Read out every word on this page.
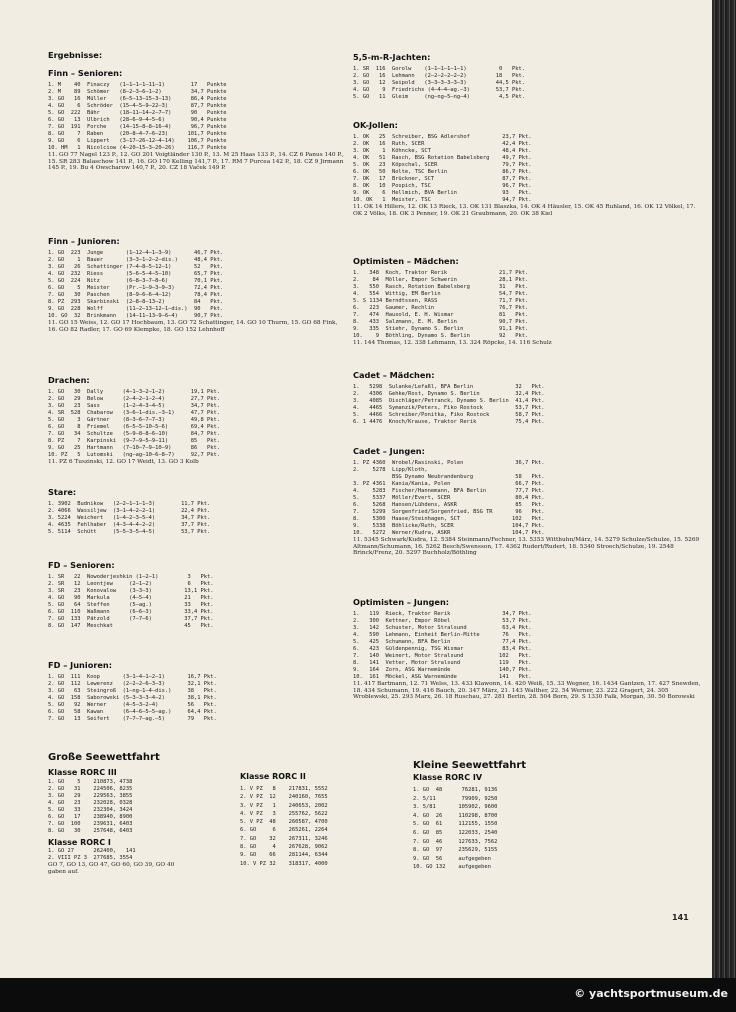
Ergebnisse:

Finn – Senioren:

1. M    40  Finaczy   (1—1—1—1—11—1)        17   Punkte
2. M    89  Schömer   (8—2—3—6—1—2)         34,7 Punkte
3. GO   16  Müller    (6—5—13—15—3—13)      86,4 Punkte
4. GO    6  Schröder  (15—4—5—9—22—3)       87,7 Punkte
5. GO  222  Bähr      (18—11—14—2—7—7)      90   Punkte
6. GO   13  Ulbrich   (28—6—9—4—5—6)        90,4 Punkte
7. GO  191  Forche    (14—15—8—8—16—4)      96,7 Punkte
8. GO    7  Raben     (20—8—4—7—6—23)      101,7 Punkte
9. GO    6  Lippert   (3—17—26—12—4—14)    106,7 Punkte
10. HM   1  Nicolciow (4—20—15—3—20—26)    116,7 Punkte

11. GO 77 Nagel 123 P., 12. GO 201 Voigtländer 130 P., 13. M 25 Haas 133 P., 14. CZ 6 Panus 140 P., 15. SR 283 Balaschow 141 P., 16. GO 170 Kelling 141,7 P., 17. RM 7 Purcea 142 P., 18. CZ 9 Jirmann 145 P., 19. Bu 4 Owscharow 140,7 P., 20. CZ 18 Vaček 149 P.

Finn – Junioren:

1. GO  223  Junge       (1—12—4—1—3—9)       46,7 Pkt.
2. GO    1  Bauer       (3—3—1—2—2—dis.)     48,4 Pkt.
3. GO   26  Schattinger (7—4—8—5—12—1)       52   Pkt.
4. GO  232  Riess       (5—6—5—4—5—10)       65,7 Pkt.
5. GO  224  Nitz        (6—8—3—7—8—6)        70,1 Pkt.
6. GO    5  Meister     (Pr.—1—9—3—9—3)      72,4 Pkt.
7. GO   30  Paschen     (8—9—6—6—4—12)       78,4 Pkt.
8. PZ  293  Skarbinski  (2—8—8—13—2)         84   Pkt.
9. GO  228  Wolff       (11—2—13—12—1—dis.)  90   Pkt.
10. GO  32  Brinkmann   (14—11—13—9—6—4)     90,7 Pkt.

11. GO 15 Weiss, 12. GO 17 Hochbaum, 13. GO 72 Schattinger, 14. GO 10 Thurm, 15. GO 68 Fink, 16. GO 82 Radler, 17. GO 69 Klempke, 18. GO 152 Lehnhoff

Drachen:

1. GO   30  Dally      (4—1—3—2—1—2)        19,1 Pkt.
2. GO   29  Below      (2—4—2—1—2—4)        27,7 Pkt.
3. GO   23  Sass       (1—2—4—3—4—5)        34,7 Pkt.
4. SR  528  Chabarow   (3—6—1—dis.—3—1)     47,7 Pkt.
5. GO    3  Gärtner    (8—3—6—7—7—3)        49,8 Pkt.
6. GO    8  Friemel    (6—5—5—10—5—6)       69,4 Pkt.
7. GO   34  Schultze   (5—9—8—8—6—10)       84,7 Pkt.
8. PZ    7  Karpinski  (9—7—9—5—9—11)       85   Pkt.
9. GO   25  Hartmann   (7—10—7—9—10—9)      86   Pkt.
10. PZ   5  Lutomski   (ng—ag—10—6—8—7)     92,7 Pkt.

11. PZ 6 Tuszinski, 12. GO 17 Weidt, 13. GO 3 Kolb

Stare:

1. 3902  Budnikow   (2—2—1—1—1—3)        11,7 Pkt.
2. 4066  Wassiljew  (3—1—4—2—2—1)        22,4 Pkt.
3. 5224  Weichert   (1—4—2—3—5—4)        34,7 Pkt.
4. 4635  Fehlhaber  (4—3—4—4—2—2)        37,7 Pkt.
5. 5114  Schütt     (5—5—3—5—4—5)        53,7 Pkt.

FD – Senioren:

1. SR   22  Nowoderjeshkin (1—2—1)         3   Pkt.
2. SR   12  Leontjew     (2—1—2)           6   Pkt.
3. SR   23  Konovalow    (3—3—3)          13,1 Pkt.
4. GO   90  Markula      (4—5—4)          21   Pkt.
5. GO   64  Steffen      (5—ag.)          33   Pkt.
6. GO  110  Waßmann      (6—6—3)          33,4 Pkt.
7. GO  133  Pätzold      (7—7—6)          37,7 Pkt.
8. GO  147  Meschkat                      45   Pkt.

FD – Junioren:

1. GO  111  Koop       (3—1—4—1—2—1)       16,7 Pkt.
2. GO  112  Lewerenz   (2—2—2—6—3—3)       32,1 Pkt.
3. GO   63  Steingroß  (1—ng—1—4—dis.)     38   Pkt.
4. GO  158  Saborowski (5—3—3—3—4—2)       38,1 Pkt.
5. GO   92  Werner     (4—5—3—2—4)         56   Pkt.
6. GO   58  Kawan      (6—4—6—5—5—ag.)     64,4 Pkt.
7. GO   13  Seifert    (7—7—7—ag.—5)       79   Pkt.

Große Seewettfahrt

Klasse RORC III

1. GO    5    210873, 4738
2. GO   31    224506, 8235
3. GO   29    229563, 3855
4. GO   23    232028, 0328
5. GO   33    232304, 3424
6. GO   17    238940, 8900
7. GO  100    239631, 6403
8. GO   30    257648, 6403

Klasse RORC I

1. GO 27      262400,   141
2. VIII PZ 3  277685, 3554

GO 7, GO 13, GO 47, GO 60, GO 39, GO 40 gaben auf.

Klasse RORC II

1. V PZ   8    217831, 5552
2. V PZ  12    240160, 7655
3. V PZ   1    240653, 2002
4. V PZ   3    255762, 5622
5. V PZ  48    260587, 4700
6. GO     6    265261, 2264
7. GO    32    267311, 3246
8. GO     4    267628, 9062
9. GO    66    281144, 6344
10. V PZ 32    318317, 4000

5,5-m-R-Jachten:

1. SR  116  Gorolw    (1—1—1—1—1—1)          0   Pkt.
2. GO   16  Lehmann   (2—2—2—2—2—2)         18   Pkt.
3. GO   12  Seipold   (3—3—3—3—3—3)         44,5 Pkt.
4. GO    9  Friedrichs (4—4—4—ag.—3)        53,7 Pkt.
5. GO   11  Gleim     (ng—ng—5—ng—4)         4,5 Pkt.

OK-Jollen:

1. OK   25  Schreiber, BSG Adlershof          23,7 Pkt.
2. OK   16  Ruth, SCER                        42,4 Pkt.
3. OK    1  Köhncke, SCT                      48,4 Pkt.
4. OK   51  Rasch, BSG Rotation Babelsberg    49,7 Pkt.
5. OK   23  Köpschal, SCER                    79,7 Pkt.
6. OK   50  Nolte, TSC Berlin                 86,7 Pkt.
7. OK   17  Brückner, SCT                     87,7 Pkt.
8. OK   10  Pospich, TSC                      96,7 Pkt.
9. OK    6  Hellmich, BVA Berlin              93   Pkt.
10. OK   1  Meister, TSC                      94,7 Pkt.

11. OK 14 Hillers, 12. OK 13 Rieck, 13. OK 131 Blaszka, 14. OK 4 Häusler, 15. OK 45 Ruhland, 16. OK 12 Völkel, 17. OK 2 Völks, 18. OK 3 Penner, 19. OK 21 Graubmann, 20. OK 38 Kiel

Optimisten – Mädchen:

1.   348  Koch, Traktor Rerik                21,7 Pkt.
2.    84  Möller, Empor Schwerin             28,1 Pkt.
3.   550  Rasch, Rotation Babelsberg         31   Pkt.
4.   554  Wittig, EM Berlin                  54,7 Pkt.
5. S 1134 Berndtssen, RASS                   71,7 Pkt.
6.   223  Gaumer, Rechlin                    76,7 Pkt.
7.   474  Hausold, E. H. Wismar              81   Pkt.
8.   433  Salzmann, E. M. Berlin             90,7 Pkt.
9.   335  Stiehr, Dynamo S. Berlin           91,1 Pkt.
10.    9  Böthling, Dynamo S. Berlin         92   Pkt.

11. 144 Thomas, 12. 338 Lehmann, 13. 324 Röpcke, 14. 116 Schulz

Cadet – Mädchen:

1.   5298  Sulanke/Lefaßl, BFA Berlin             32   Pkt.
2.   4306  Gehke/Rost, Dynamo S. Berlin           32,4 Pkt.
3.   4085  Oischläger/Petranck, Dynamo S. Berlin  41,4 Pkt.
4.   4465  Symanzik/Peters, Fiko Rostock          53,7 Pkt.
5.   4466  Schreiber/Ponitka, Fiko Rostock        58,7 Pkt.
6. 1 4476  Knoch/Krause, Traktor Rerik            75,4 Pkt.

Cadet – Jungen:

1. PZ 4360  Wrobel/Rasinski, Polen                36,7 Pkt.
2.    5278  Lipp/Kloth,
BSG Dynamo Neubrandenburg             58   Pkt.
3. PZ 4361  Kania/Kania, Polen                    66,7 Pkt.
4.    5283  Fischer/Hannemann, BFA Berlin         77,7 Pkt.
5.    5337  Möller/Evert, SCER                    80,4 Pkt.
6.    5268  Hansen/Lühdens, ASKR                  85   Pkt.
7.    5299  Sorgenfried/Sorgenfried, BSG TR       96   Pkt.
8.    5300  Haase/Steinhagen, SCT                102   Pkt.
9.    5338  Böhlicke/Ruth, SCER                  104,7 Pkt.
10.   5272  Werner/Kudra, ASKR                   104,7 Pkt.

11. 5345 Schwark/Kudra, 12. 5384 Steinmann/Fechner, 13. 5353 Witthuhn/März, 14. 5279 Schulze/Schulze, 15. 5269 Altmann/Schumann, 16. 5262 Besch/Swensson, 17. 4362 Rudert/Rudert, 18. 5340 Stroech/Schulze, 19. 2548 Brinck/Frenz, 20. 5297 Buchholz/Böthling

Optimisten – Jungen:

1.   119  Rieck, Traktor Rerik                34,7 Pkt.
2.   300  Kettner, Empor Röbel                53,7 Pkt.
3.   142  Schuster, Motor Stralsund           63,4 Pkt.
4.   590  Lehmann, Einheit Berlin-Mitte       76   Pkt.
5.   425  Schumann, BFA Berlin                77,4 Pkt.
6.   423  Güldenpennig, TSG Wismar            83,4 Pkt.
7.   140  Weinert, Motor Stralsund           102   Pkt.
8.   141  Vetter, Motor Stralsund            119   Pkt.
9.   164  Zorn, ASG Warnemünde               140,7 Pkt.
10.  161  Möckel, ASG Warnemünde             141   Pkt.

11. 417 Bartmann, 12. 71 Welss, 13. 433 Klawonn, 14. 420 Weiß, 15. 33 Wegner, 16. 1434 Gantzen, 17. 427 Snewden, 18. 434 Schumann, 19. 416 Bauch, 20. 347 März, 21. 143 Walther, 22. 54 Werner, 23. 222 Gragert, 24. 305 Wroblewski, 25. 293 Marx, 26. 18 Ruschau, 27. 281 Berlin, 28. 504 Born, 29. S 1330 Falk, Morgan, 30. 50 Borowski

Kleine Seewettfahrt

Klasse RORC IV

1. GO  48      76281, 9136
2. 5/11        79909, 9250
3. 5/81       105902, 9600
4. GO  26     110298, 8700
5. GO  61     112155, 1550
6. GO  85     122033, 2540
7. GO  46     127633, 7562
8. GO  97     235629, 5155
9. GO  56     aufgegeben
10. GO 132    aufgegeben
141
© yachtsportmuseum.de
